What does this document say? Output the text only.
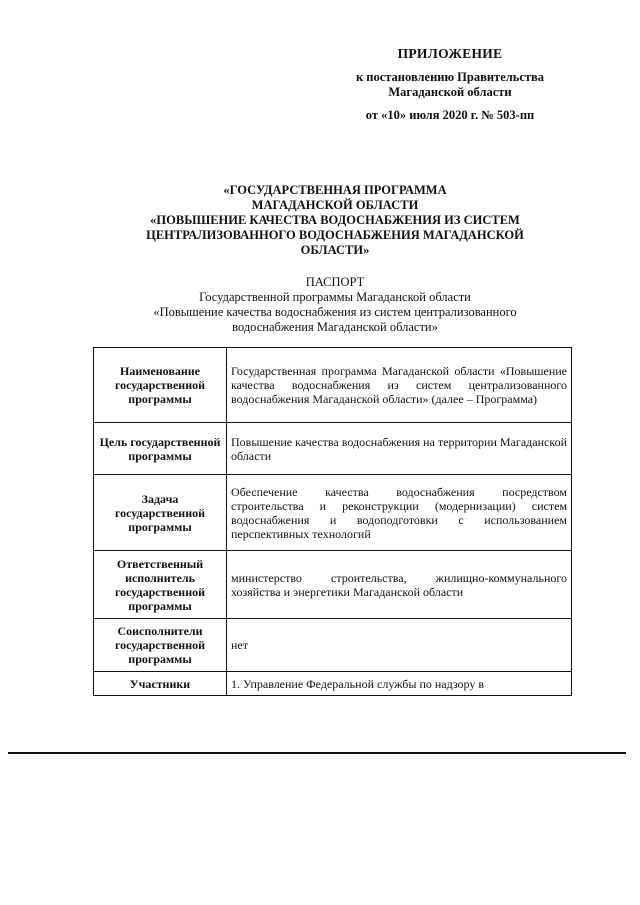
ПРИЛОЖЕНИЕ
к постановлению Правительства
Магаданской области
от «10» июля 2020 г. № 503-пп
«ГОСУДАРСТВЕННАЯ ПРОГРАММА
МАГАДАНСКОЙ ОБЛАСТИ
«ПОВЫШЕНИЕ КАЧЕСТВА ВОДОСНАБЖЕНИЯ ИЗ СИСТЕМ
ЦЕНТРАЛИЗОВАННОГО ВОДОСНАБЖЕНИЯ МАГАДАНСКОЙ
ОБЛАСТИ»
ПАСПОРТ
Государственной программы Магаданской области
«Повышение качества водоснабжения из систем централизованного
водоснабжения Магаданской области»
Наименование государственной программы	Государственная программа Магаданской области «Повышение качества водоснабжения из систем централизованного водоснабжения Магаданской области» (далее – Программа)
Цель государственной программы	Повышение качества водоснабжения на территории Магаданской области
Задача государственной программы	Обеспечение качества водоснабжения посредством строительства и реконструкции (модернизации) систем водоснабжения и водоподготовки с использованием перспективных технологий
Ответственный исполнитель государственной программы	министерство строительства, жилищно-коммунального хозяйства и энергетики Магаданской области
Соисполнители государственной программы	нет
Участники	1. Управление Федеральной службы по надзору в
